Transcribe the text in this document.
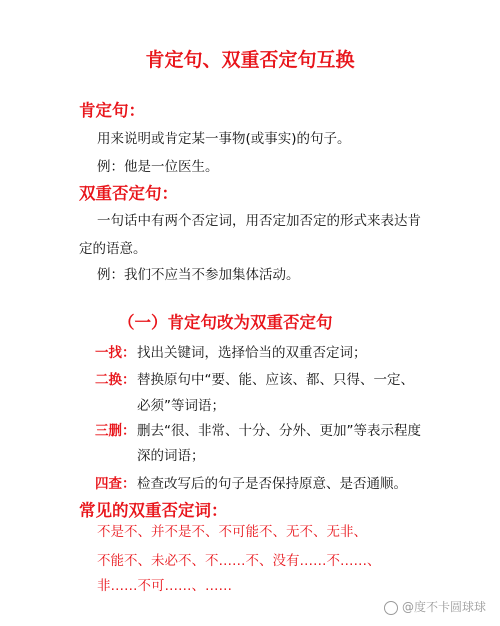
肯定句、双重否定句互换
肯定句：
用来说明或肯定某一事物(或事实)的句子。
例：他是一位医生。
双重否定句：
一句话中有两个否定词，用否定加否定的形式来表达肯
定的语意。
例：我们不应当不参加集体活动。
（一）肯定句改为双重否定句
一找： 找出关键词，选择恰当的双重否定词；
二换： 替换原句中“要、能、应该、都、只得、一定、
必须”等词语；
三删： 删去“很、非常、十分、分外、更加”等表示程度
深的词语；
四查： 检查改写后的句子是否保持原意、是否通顺。
常见的双重否定词：
不是不、并不是不、不可能不、无不、无非、
不能不、未必不、不……不、没有……不……、
非……不可……、……
@度不卡圆球球
